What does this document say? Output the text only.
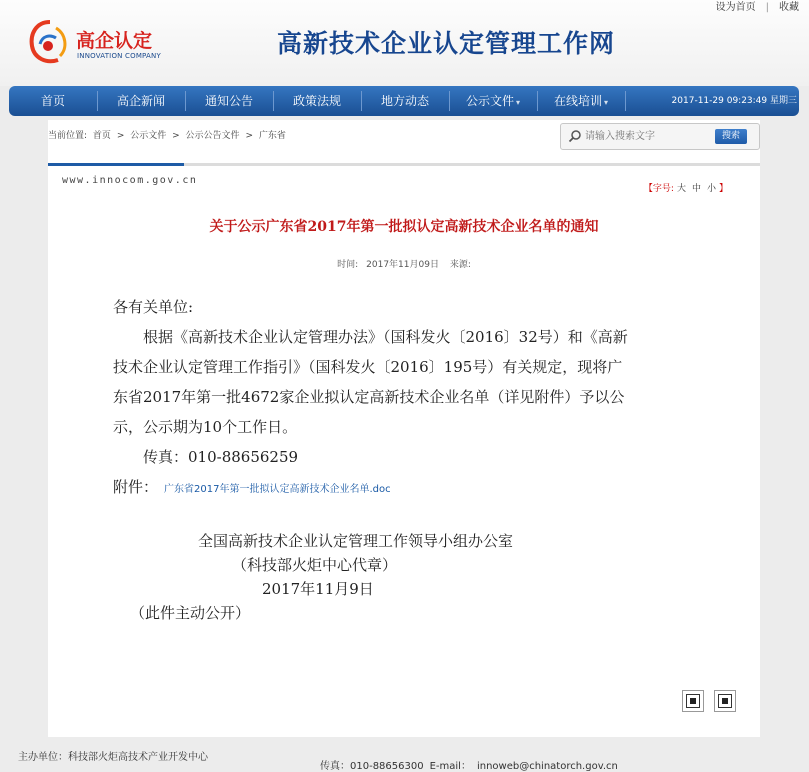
设为首页 | 收藏
高企认定
INNOVATION COMPANY	高新技术企业认定管理工作网
首页	高企新闻	通知公告	政策法规	地方动态	公示文件 ▾	在线培训 ▾	2017-11-29 09:23:49 星期三
当前位置: 首页 > 公示文件 > 公示公告文件 > 广东省
请输入搜索文字	搜索
www.innocom.gov.cn
【字号: 大 中 小 】
关于公示广东省2017年第一批拟认定高新技术企业名单的通知
时间: 2017年11月09日 来源:
各有关单位:
　　根据《高新技术企业认定管理办法》（国科发火〔2016〕32号）和《高新
技术企业认定管理工作指引》（国科发火〔2016〕195号）有关规定，现将广
东省2017年第一批4672家企业拟认定高新技术企业名单（详见附件）予以公
示，公示期为10个工作日。
　　传真：010-88656259
附件： 广东省2017年第一批拟认定高新技术企业名单.doc
全国高新技术企业认定管理工作领导小组办公室
（科技部火炬中心代章）
2017年11月9日
（此件主动公开）
主办单位：科技部火炬高技术产业开发中心
传真：010-88656300 E-mail： innoweb@chinatorch.gov.cn
